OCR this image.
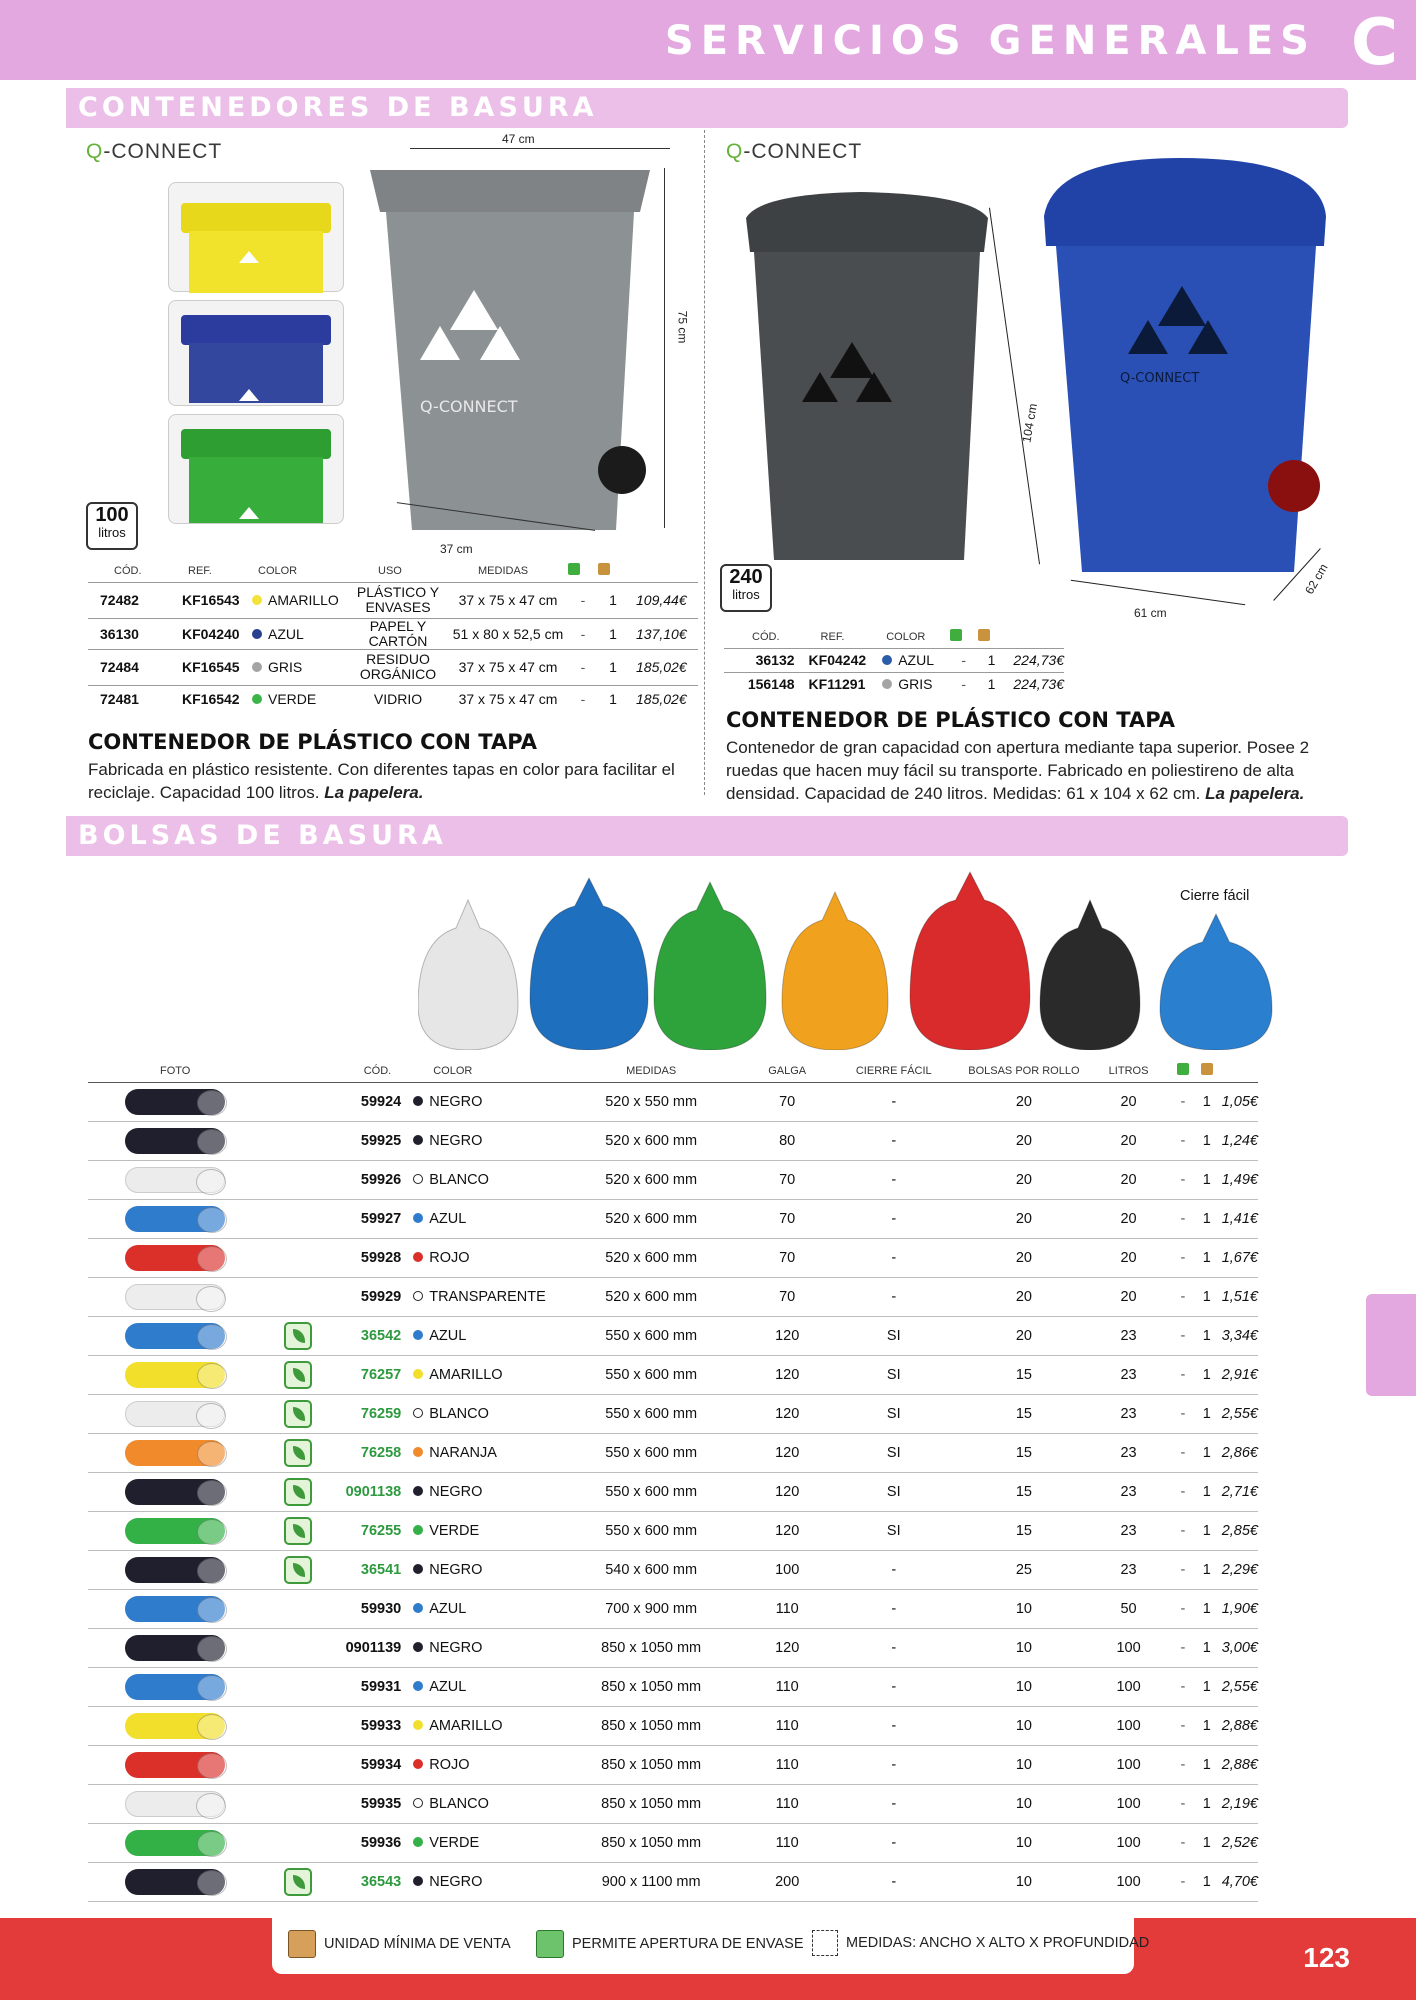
SERVICIOS GENERALES C
CONTENEDORES DE BASURA
Q-CONNECT
Q-CONNECT
47 cm
75 cm
37 cm
100
litros
CÓD.	REF.	COLOR	USO	MEDIDAS			
72482	KF16543	AMARILLO	PLÁSTICO Y ENVASES	37 x 75 x 47 cm	-	1	109,44€
36130	KF04240	AZUL	PAPEL Y CARTÓN	51 x 80 x 52,5 cm	-	1	137,10€
72484	KF16545	GRIS	RESIDUO ORGÁNICO	37 x 75 x 47 cm	-	1	185,02€
72481	KF16542	VERDE	VIDRIO	37 x 75 x 47 cm	-	1	185,02€
CONTENEDOR DE PLÁSTICO CON TAPA
Fabricada en plástico resistente. Con diferentes tapas en color para facilitar el reciclaje. Capacidad 100 litros. La papelera.
Q-CONNECT
Q-CONNECT
104 cm
61 cm
62 cm
240
litros
CÓD.	REF.	COLOR			
36132	KF04242	AZUL	-	1	224,73€
156148	KF11291	GRIS	-	1	224,73€
CONTENEDOR DE PLÁSTICO CON TAPA
Contenedor de gran capacidad con apertura mediante tapa superior. Posee 2 ruedas que hacen muy fácil su transporte. Fabricado en poliestireno de alta densidad. Capacidad de 240 litros. Medidas: 61 x 104 x 62 cm. La papelera.
BOLSAS DE BASURA
Cierre fácil
FOTO		CÓD.	COLOR	MEDIDAS	GALGA	CIERRE FÁCIL	BOLSAS POR ROLLO	LITROS			
		59924	NEGRO	520 x 550 mm	70	-	20	20	-	1	1,05€
		59925	NEGRO	520 x 600 mm	80	-	20	20	-	1	1,24€
		59926	BLANCO	520 x 600 mm	70	-	20	20	-	1	1,49€
		59927	AZUL	520 x 600 mm	70	-	20	20	-	1	1,41€
		59928	ROJO	520 x 600 mm	70	-	20	20	-	1	1,67€
		59929	TRANSPARENTE	520 x 600 mm	70	-	20	20	-	1	1,51€
		36542	AZUL	550 x 600 mm	120	SI	20	23	-	1	3,34€
		76257	AMARILLO	550 x 600 mm	120	SI	15	23	-	1	2,91€
		76259	BLANCO	550 x 600 mm	120	SI	15	23	-	1	2,55€
		76258	NARANJA	550 x 600 mm	120	SI	15	23	-	1	2,86€
		0901138	NEGRO	550 x 600 mm	120	SI	15	23	-	1	2,71€
		76255	VERDE	550 x 600 mm	120	SI	15	23	-	1	2,85€
		36541	NEGRO	540 x 600 mm	100	-	25	23	-	1	2,29€
		59930	AZUL	700 x 900 mm	110	-	10	50	-	1	1,90€
		0901139	NEGRO	850 x 1050 mm	120	-	10	100	-	1	3,00€
		59931	AZUL	850 x 1050 mm	110	-	10	100	-	1	2,55€
		59933	AMARILLO	850 x 1050 mm	110	-	10	100	-	1	2,88€
		59934	ROJO	850 x 1050 mm	110	-	10	100	-	1	2,88€
		59935	BLANCO	850 x 1050 mm	110	-	10	100	-	1	2,19€
		59936	VERDE	850 x 1050 mm	110	-	10	100	-	1	2,52€
		36543	NEGRO	900 x 1100 mm	200	-	10	100	-	1	4,70€
UNIDAD MÍNIMA DE VENTA	PERMITE APERTURA DE ENVASE	MEDIDAS: ANCHO X ALTO X PROFUNDIDAD	123
